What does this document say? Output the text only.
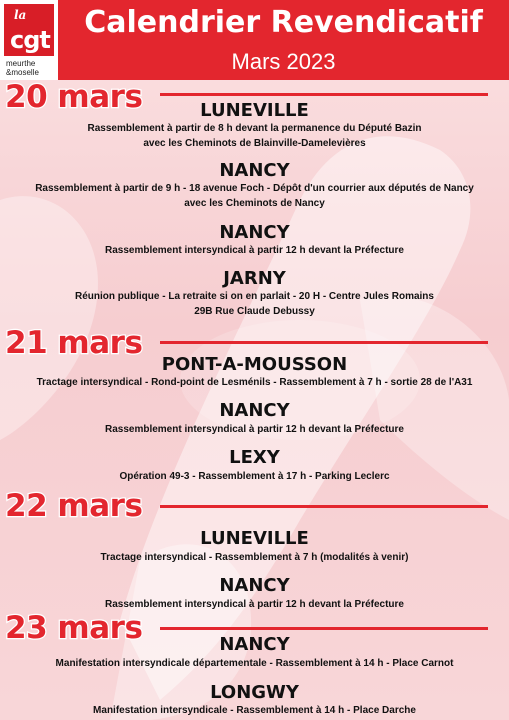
la
cgt
meurthe
&moselle
Calendrier Revendicatif
Mars 2023
20 mars	LUNEVILLE
Rassemblement à partir de 8 h devant la permanence du Député Bazin
avec les Cheminots de Blainville-Damelevières
NANCY
Rassemblement à partir de 9 h - 18 avenue Foch - Dépôt d'un courrier aux députés de Nancy
avec les Cheminots de Nancy
NANCY
Rassemblement intersyndical à partir 12 h devant la Préfecture
JARNY
Réunion publique - La retraite si on en parlait - 20 H - Centre Jules Romains
29B Rue Claude Debussy
21 mars
PONT-A-MOUSSON
Tractage intersyndical - Rond-point de Lesménils - Rassemblement à 7 h - sortie 28 de l'A31
NANCY
Rassemblement intersyndical à partir 12 h devant la Préfecture
LEXY
Opération 49-3 - Rassemblement à 17 h - Parking Leclerc
22 mars
LUNEVILLE
Tractage intersyndical - Rassemblement à 7 h (modalités à venir)
NANCY
Rassemblement intersyndical à partir 12 h devant la Préfecture
23 mars	NANCY
Manifestation intersyndicale départementale - Rassemblement à 14 h - Place Carnot
LONGWY
Manifestation intersyndicale - Rassemblement à 14 h - Place Darche
